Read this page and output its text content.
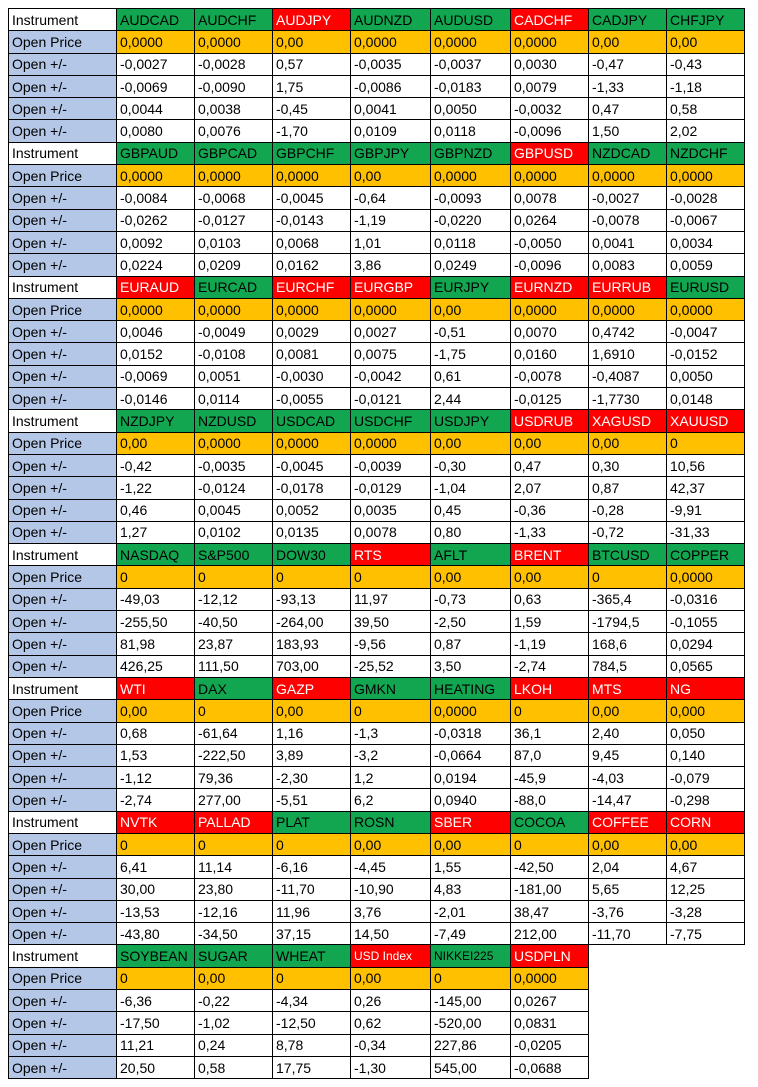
Instrument	AUDCAD	AUDCHF	AUDJPY	AUDNZD	AUDUSD	CADCHF	CADJPY	CHFJPY
Open Price	0,0000	0,0000	0,00	0,0000	0,0000	0,0000	0,00	0,00
Open +/-	-0,0027	-0,0028	0,57	-0,0035	-0,0037	0,0030	-0,47	-0,43
Open +/-	-0,0069	-0,0090	1,75	-0,0086	-0,0183	0,0079	-1,33	-1,18
Open +/-	0,0044	0,0038	-0,45	0,0041	0,0050	-0,0032	0,47	0,58
Open +/-	0,0080	0,0076	-1,70	0,0109	0,0118	-0,0096	1,50	2,02
Instrument	GBPAUD	GBPCAD	GBPCHF	GBPJPY	GBPNZD	GBPUSD	NZDCAD	NZDCHF
Open Price	0,0000	0,0000	0,0000	0,00	0,0000	0,0000	0,0000	0,0000
Open +/-	-0,0084	-0,0068	-0,0045	-0,64	-0,0093	0,0078	-0,0027	-0,0028
Open +/-	-0,0262	-0,0127	-0,0143	-1,19	-0,0220	0,0264	-0,0078	-0,0067
Open +/-	0,0092	0,0103	0,0068	1,01	0,0118	-0,0050	0,0041	0,0034
Open +/-	0,0224	0,0209	0,0162	3,86	0,0249	-0,0096	0,0083	0,0059
Instrument	EURAUD	EURCAD	EURCHF	EURGBP	EURJPY	EURNZD	EURRUB	EURUSD
Open Price	0,0000	0,0000	0,0000	0,0000	0,00	0,0000	0,0000	0,0000
Open +/-	0,0046	-0,0049	0,0029	0,0027	-0,51	0,0070	0,4742	-0,0047
Open +/-	0,0152	-0,0108	0,0081	0,0075	-1,75	0,0160	1,6910	-0,0152
Open +/-	-0,0069	0,0051	-0,0030	-0,0042	0,61	-0,0078	-0,4087	0,0050
Open +/-	-0,0146	0,0114	-0,0055	-0,0121	2,44	-0,0125	-1,7730	0,0148
Instrument	NZDJPY	NZDUSD	USDCAD	USDCHF	USDJPY	USDRUB	XAGUSD	XAUUSD
Open Price	0,00	0,0000	0,0000	0,0000	0,00	0,00	0,00	0
Open +/-	-0,42	-0,0035	-0,0045	-0,0039	-0,30	0,47	0,30	10,56
Open +/-	-1,22	-0,0124	-0,0178	-0,0129	-1,04	2,07	0,87	42,37
Open +/-	0,46	0,0045	0,0052	0,0035	0,45	-0,36	-0,28	-9,91
Open +/-	1,27	0,0102	0,0135	0,0078	0,80	-1,33	-0,72	-31,33
Instrument	NASDAQ	S&P500	DOW30	RTS	AFLT	BRENT	BTCUSD	COPPER
Open Price	0	0	0	0	0,00	0,00	0	0,0000
Open +/-	-49,03	-12,12	-93,13	11,97	-0,73	0,63	-365,4	-0,0316
Open +/-	-255,50	-40,50	-264,00	39,50	-2,50	1,59	-1794,5	-0,1055
Open +/-	81,98	23,87	183,93	-9,56	0,87	-1,19	168,6	0,0294
Open +/-	426,25	111,50	703,00	-25,52	3,50	-2,74	784,5	0,0565
Instrument	WTI	DAX	GAZP	GMKN	HEATING	LKOH	MTS	NG
Open Price	0,00	0	0,00	0	0,0000	0	0,00	0,000
Open +/-	0,68	-61,64	1,16	-1,3	-0,0318	36,1	2,40	0,050
Open +/-	1,53	-222,50	3,89	-3,2	-0,0664	87,0	9,45	0,140
Open +/-	-1,12	79,36	-2,30	1,2	0,0194	-45,9	-4,03	-0,079
Open +/-	-2,74	277,00	-5,51	6,2	0,0940	-88,0	-14,47	-0,298
Instrument	NVTK	PALLAD	PLAT	ROSN	SBER	COCOA	COFFEE	CORN
Open Price	0	0	0	0,00	0,00	0	0,00	0,00
Open +/-	6,41	11,14	-6,16	-4,45	1,55	-42,50	2,04	4,67
Open +/-	30,00	23,80	-11,70	-10,90	4,83	-181,00	5,65	12,25
Open +/-	-13,53	-12,16	11,96	3,76	-2,01	38,47	-3,76	-3,28
Open +/-	-43,80	-34,50	37,15	14,50	-7,49	212,00	-11,70	-7,75
Instrument	SOYBEAN	SUGAR	WHEAT	USD Index	NIKKEI225	USDPLN		
Open Price	0	0,00	0	0,00	0	0,0000		
Open +/-	-6,36	-0,22	-4,34	0,26	-145,00	0,0267		
Open +/-	-17,50	-1,02	-12,50	0,62	-520,00	0,0831		
Open +/-	11,21	0,24	8,78	-0,34	227,86	-0,0205		
Open +/-	20,50	0,58	17,75	-1,30	545,00	-0,0688		
